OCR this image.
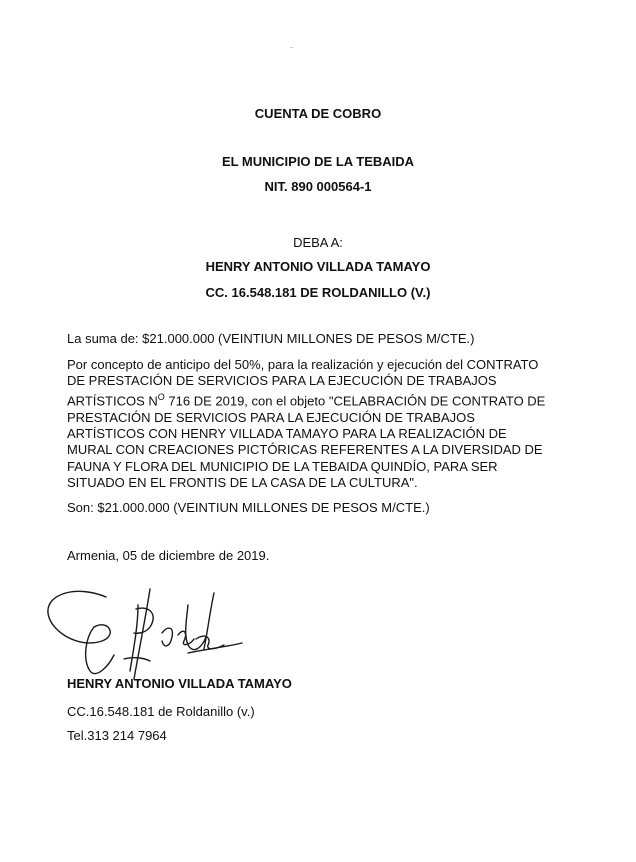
CUENTA DE COBRO
EL MUNICIPIO DE LA TEBAIDA
NIT. 890 000564-1
DEBA A:
HENRY ANTONIO VILLADA TAMAYO
CC. 16.548.181 DE ROLDANILLO (V.)
La suma de: $21.000.000 (VEINTIUN MILLONES DE PESOS M/CTE.)
Por concepto de anticipo del 50%, para la realización y ejecución del CONTRATO
DE PRESTACIÓN DE SERVICIOS PARA LA EJECUCIÓN DE TRABAJOS
ARTÍSTICOS $N^O$ 716 DE 2019, con el objeto "CELABRACIÓN DE CONTRATO DE
PRESTACIÓN DE SERVICIOS PARA LA EJECUCIÓN DE TRABAJOS
ARTÍSTICOS CON HENRY VILLADA TAMAYO PARA LA REALIZACIÓN DE
MURAL CON CREACIONES PICTÓRICAS REFERENTES A LA DIVERSIDAD DE
FAUNA Y FLORA DEL MUNICIPIO DE LA TEBAIDA QUINDÍO, PARA SER
SITUADO EN EL FRONTIS DE LA CASA DE LA CULTURA".
Son: $21.000.000 (VEINTIUN MILLONES DE PESOS M/CTE.)
Armenia, 05 de diciembre de 2019.
HENRY ANTONIO VILLADA TAMAYO
CC.16.548.181 de Roldanillo (v.)
Tel.313 214 7964
